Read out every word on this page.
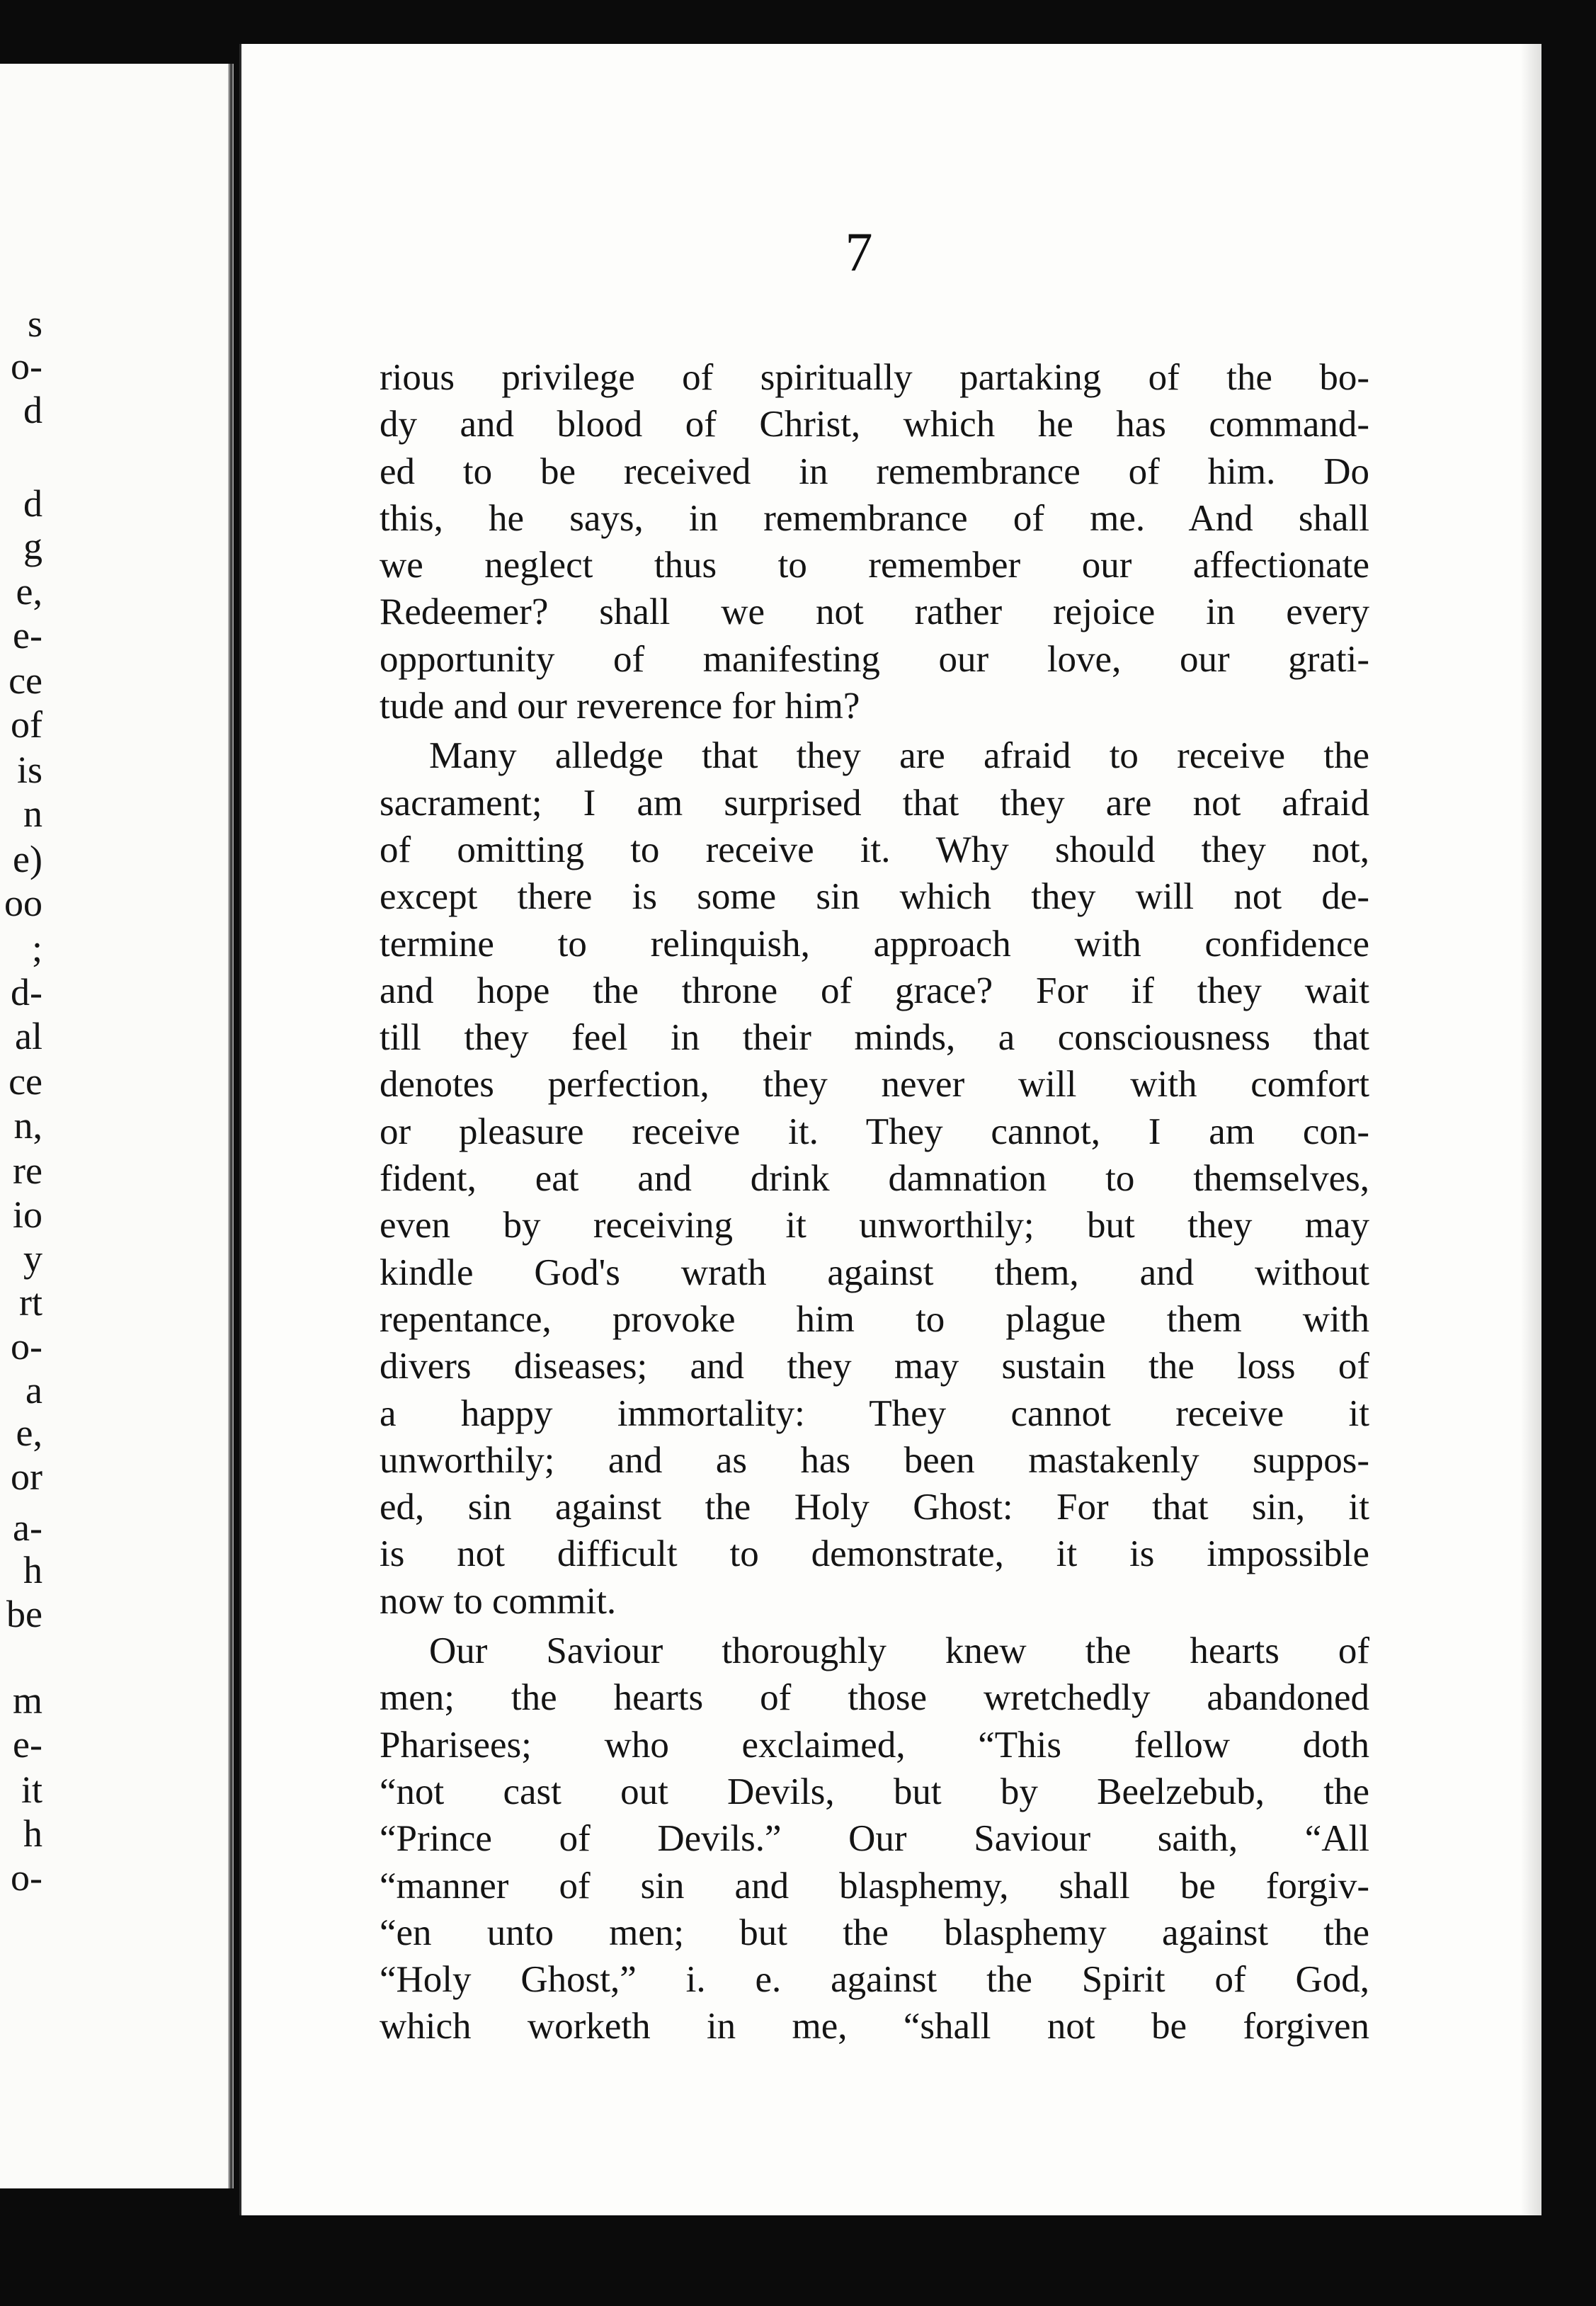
s
o-
d
d
g
e,
e-
ce
of
is
n
e)
oo
;
d-
al
ce
n,
re
io
y
rt
o-
a
e,
or
a-
h
be
m
e-
it
h
o-
7
rious privilege of spiritually partaking of the bo-
dy and blood of Christ, which he has command-
ed to be received in remembrance of him. Do
this, he says, in remembrance of me. And shall
we neglect thus to remember our affectionate
Redeemer? shall we not rather rejoice in every
opportunity of manifesting our love, our grati-
tude and our reverence for him?
Many alledge that they are afraid to receive the
sacrament; I am surprised that they are not afraid
of omitting to receive it. Why should they not,
except there is some sin which they will not de-
termine to relinquish, approach with confidence
and hope the throne of grace? For if they wait
till they feel in their minds, a consciousness that
denotes perfection, they never will with comfort
or pleasure receive it. They cannot, I am con-
fident, eat and drink damnation to themselves,
even by receiving it unworthily; but they may
kindle God's wrath against them, and without
repentance, provoke him to plague them with
divers diseases; and they may sustain the loss of
a happy immortality: They cannot receive it
unworthily; and as has been mastakenly suppos-
ed, sin against the Holy Ghost: For that sin, it
is not difficult to demonstrate, it is impossible
now to commit.
Our Saviour thoroughly knew the hearts of
men; the hearts of those wretchedly abandoned
Pharisees; who exclaimed, “This fellow doth
“not cast out Devils, but by Beelzebub, the
“Prince of Devils.” Our Saviour saith, “All
“manner of sin and blasphemy, shall be forgiv-
“en unto men; but the blasphemy against the
“Holy Ghost,” i. e. against the Spirit of God,
which worketh in me, “shall not be forgiven
